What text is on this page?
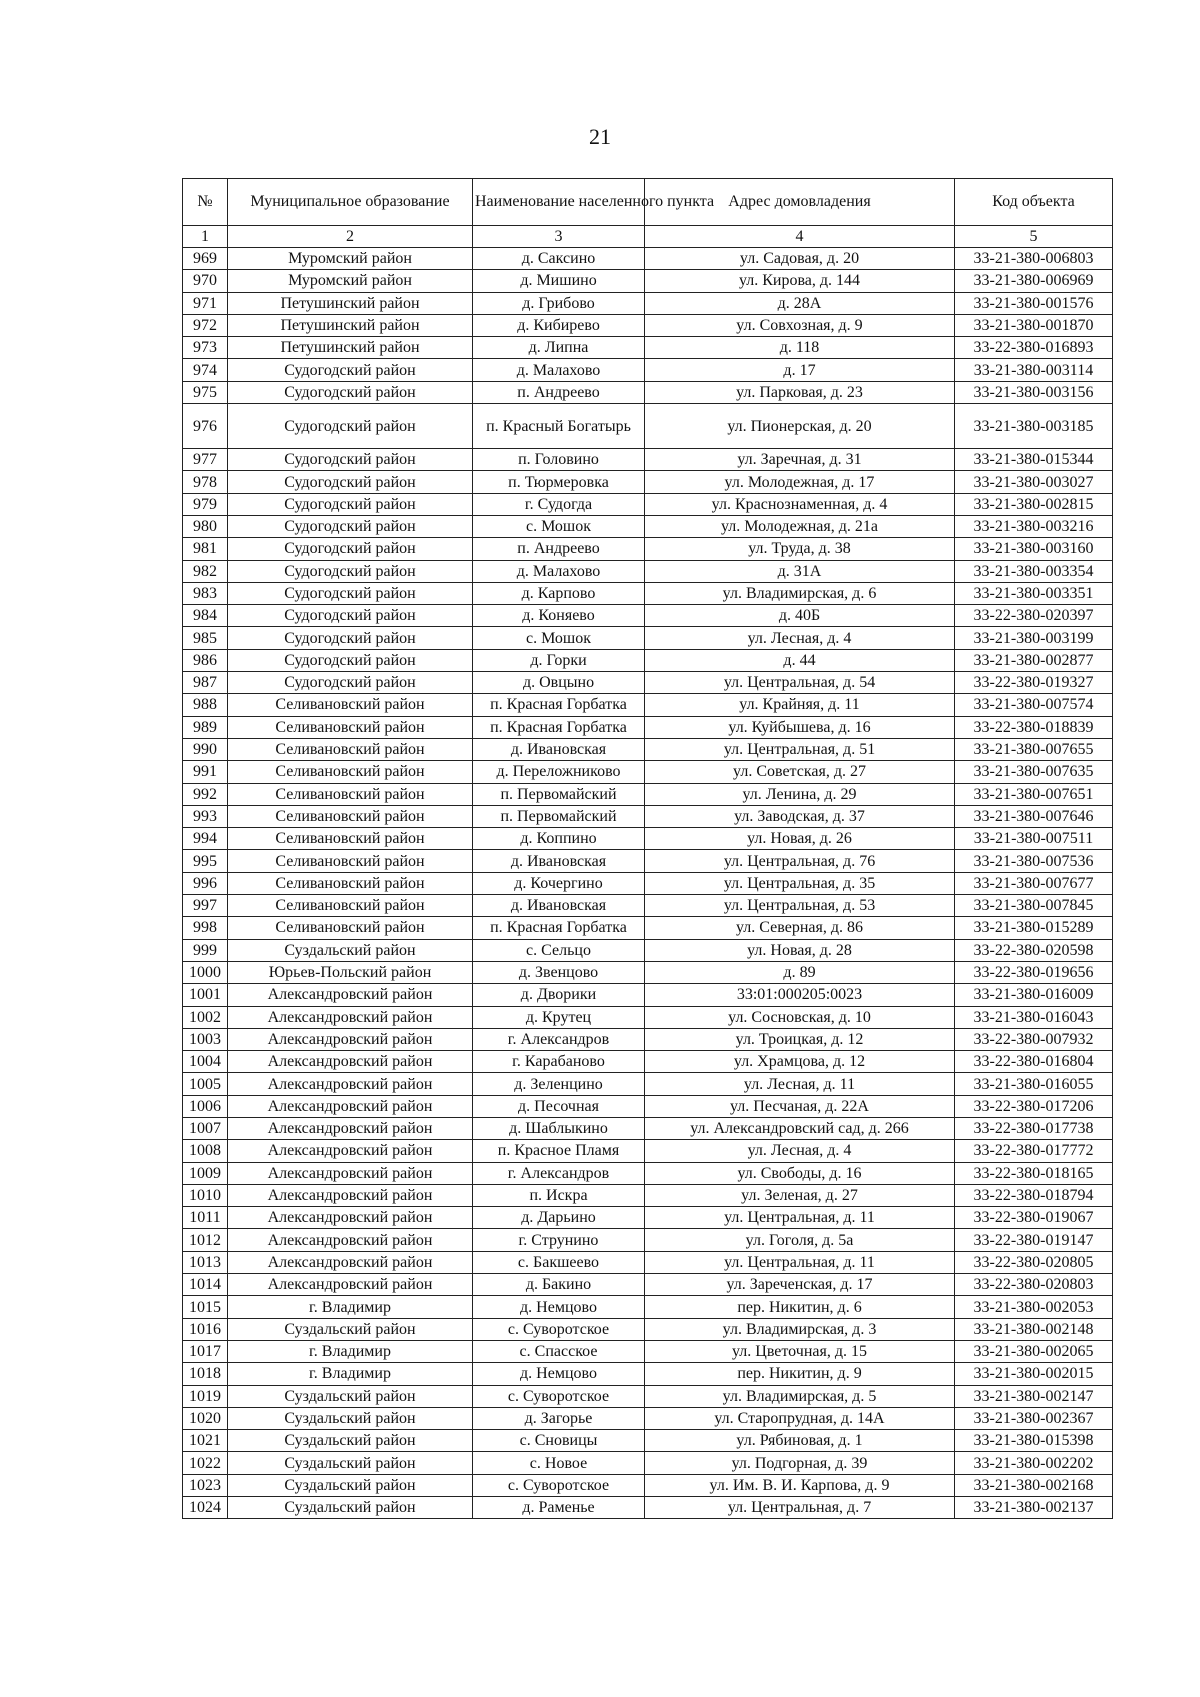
21
№	Муниципальное образование	Наименование населенного пункта	Адрес домовладения	Код объекта
1	2	3	4	5
969	Муромский район	д. Саксино	ул. Садовая, д. 20	33-21-380-006803
970	Муромский район	д. Мишино	ул. Кирова, д. 144	33-21-380-006969
971	Петушинский район	д. Грибово	д. 28А	33-21-380-001576
972	Петушинский район	д. Кибирево	ул. Совхозная, д. 9	33-21-380-001870
973	Петушинский район	д. Липна	д. 118	33-22-380-016893
974	Судогодский район	д. Малахово	д. 17	33-21-380-003114
975	Судогодский район	п. Андреево	ул. Парковая, д. 23	33-21-380-003156
976	Судогодский район	п. Красный Богатырь	ул. Пионерская, д. 20	33-21-380-003185
977	Судогодский район	п. Головино	ул. Заречная, д. 31	33-21-380-015344
978	Судогодский район	п. Тюрмеровка	ул. Молодежная, д. 17	33-21-380-003027
979	Судогодский район	г. Судогда	ул. Краснознаменная, д. 4	33-21-380-002815
980	Судогодский район	с. Мошок	ул. Молодежная, д. 21а	33-21-380-003216
981	Судогодский район	п. Андреево	ул. Труда, д. 38	33-21-380-003160
982	Судогодский район	д. Малахово	д. 31А	33-21-380-003354
983	Судогодский район	д. Карпово	ул. Владимирская, д. 6	33-21-380-003351
984	Судогодский район	д. Коняево	д. 40Б	33-22-380-020397
985	Судогодский район	с. Мошок	ул. Лесная, д. 4	33-21-380-003199
986	Судогодский район	д. Горки	д. 44	33-21-380-002877
987	Судогодский район	д. Овцыно	ул. Центральная, д. 54	33-22-380-019327
988	Селивановский район	п. Красная Горбатка	ул. Крайняя, д. 11	33-21-380-007574
989	Селивановский район	п. Красная Горбатка	ул. Куйбышева, д. 16	33-22-380-018839
990	Селивановский район	д. Ивановская	ул. Центральная, д. 51	33-21-380-007655
991	Селивановский район	д. Переложниково	ул. Советская, д. 27	33-21-380-007635
992	Селивановский район	п. Первомайский	ул. Ленина, д. 29	33-21-380-007651
993	Селивановский район	п. Первомайский	ул. Заводская, д. 37	33-21-380-007646
994	Селивановский район	д. Коппино	ул. Новая, д. 26	33-21-380-007511
995	Селивановский район	д. Ивановская	ул. Центральная, д. 76	33-21-380-007536
996	Селивановский район	д. Кочергино	ул. Центральная, д. 35	33-21-380-007677
997	Селивановский район	д. Ивановская	ул. Центральная, д. 53	33-21-380-007845
998	Селивановский район	п. Красная Горбатка	ул. Северная, д. 86	33-21-380-015289
999	Суздальский район	с. Сельцо	ул. Новая, д. 28	33-22-380-020598
1000	Юрьев-Польский район	д. Звенцово	д. 89	33-22-380-019656
1001	Александровский район	д. Дворики	33:01:000205:0023	33-21-380-016009
1002	Александровский район	д. Крутец	ул. Сосновская, д. 10	33-21-380-016043
1003	Александровский район	г. Александров	ул. Троицкая, д. 12	33-22-380-007932
1004	Александровский район	г. Карабаново	ул. Храмцова, д. 12	33-22-380-016804
1005	Александровский район	д. Зеленцино	ул. Лесная, д. 11	33-21-380-016055
1006	Александровский район	д. Песочная	ул. Песчаная, д. 22А	33-22-380-017206
1007	Александровский район	д. Шаблыкино	ул. Александровский сад, д. 266	33-22-380-017738
1008	Александровский район	п. Красное Пламя	ул. Лесная, д. 4	33-22-380-017772
1009	Александровский район	г. Александров	ул. Свободы, д. 16	33-22-380-018165
1010	Александровский район	п. Искра	ул. Зеленая, д. 27	33-22-380-018794
1011	Александровский район	д. Дарьино	ул. Центральная, д. 11	33-22-380-019067
1012	Александровский район	г. Струнино	ул. Гоголя, д. 5а	33-22-380-019147
1013	Александровский район	с. Бакшеево	ул. Центральная, д. 11	33-22-380-020805
1014	Александровский район	д. Бакино	ул. Зареченская, д. 17	33-22-380-020803
1015	г. Владимир	д. Немцово	пер. Никитин, д. 6	33-21-380-002053
1016	Суздальский район	с. Суворотское	ул. Владимирская, д. 3	33-21-380-002148
1017	г. Владимир	с. Спасское	ул. Цветочная, д. 15	33-21-380-002065
1018	г. Владимир	д. Немцово	пер. Никитин, д. 9	33-21-380-002015
1019	Суздальский район	с. Суворотское	ул. Владимирская, д. 5	33-21-380-002147
1020	Суздальский район	д. Загорье	ул. Старопрудная, д. 14А	33-21-380-002367
1021	Суздальский район	с. Сновицы	ул. Рябиновая, д. 1	33-21-380-015398
1022	Суздальский район	с. Новое	ул. Подгорная, д. 39	33-21-380-002202
1023	Суздальский район	с. Суворотское	ул. Им. В. И. Карпова, д. 9	33-21-380-002168
1024	Суздальский район	д. Раменье	ул. Центральная, д. 7	33-21-380-002137
